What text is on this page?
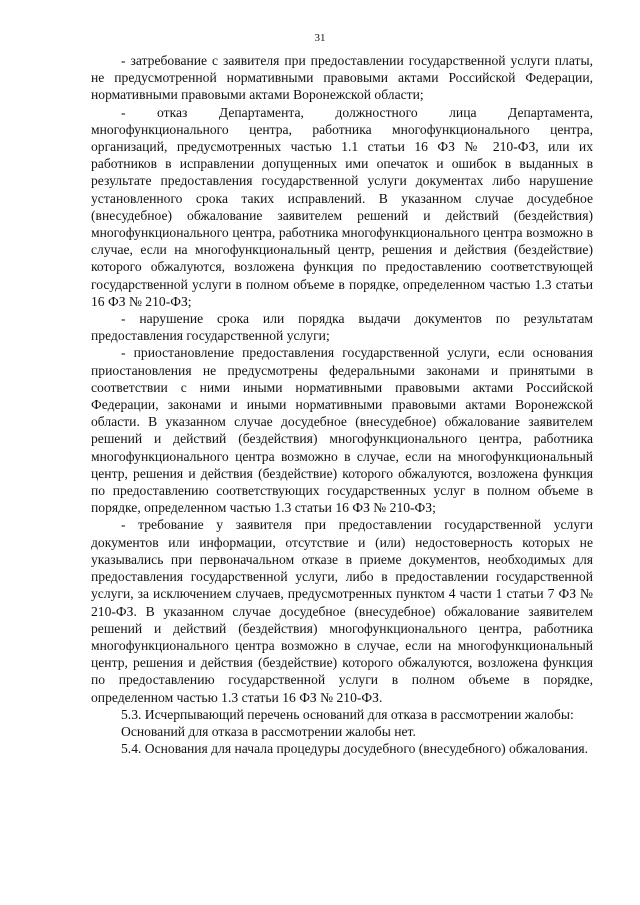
31

- затребование с заявителя при предоставлении государственной услуги платы, не предусмотренной нормативными правовыми актами Российской Федерации, нормативными правовыми актами Воронежской области;

- отказ Департамента, должностного лица Департамента, многофункционального центра, работника многофункционального центра, организаций, предусмотренных частью 1.1 статьи 16 ФЗ № 210-ФЗ, или их работников в исправлении допущенных ими опечаток и ошибок в выданных в результате предоставления государственной услуги документах либо нарушение установленного срока таких исправлений. В указанном случае досудебное (внесудебное) обжалование заявителем решений и действий (бездействия) многофункционального центра, работника многофункционального центра возможно в случае, если на многофункциональный центр, решения и действия (бездействие) которого обжалуются, возложена функция по предоставлению соответствующей государственной услуги в полном объеме в порядке, определенном частью 1.3 статьи 16 ФЗ № 210-ФЗ;

- нарушение срока или порядка выдачи документов по результатам предоставления государственной услуги;

- приостановление предоставления государственной услуги, если основания приостановления не предусмотрены федеральными законами и принятыми в соответствии с ними иными нормативными правовыми актами Российской Федерации, законами и иными нормативными правовыми актами Воронежской области. В указанном случае досудебное (внесудебное) обжалование заявителем решений и действий (бездействия) многофункционального центра, работника многофункционального центра возможно в случае, если на многофункциональный центр, решения и действия (бездействие) которого обжалуются, возложена функция по предоставлению соответствующих государственных услуг в полном объеме в порядке, определенном частью 1.3 статьи 16 ФЗ № 210-ФЗ;

- требование у заявителя при предоставлении государственной услуги документов или информации, отсутствие и (или) недостоверность которых не указывались при первоначальном отказе в приеме документов, необходимых для предоставления государственной услуги, либо в предоставлении государственной услуги, за исключением случаев, предусмотренных пунктом 4 части 1 статьи 7 ФЗ № 210-ФЗ. В указанном случае досудебное (внесудебное) обжалование заявителем решений и действий (бездействия) многофункционального центра, работника многофункционального центра возможно в случае, если на многофункциональный центр, решения и действия (бездействие) которого обжалуются, возложена функция по предоставлению государственной услуги в полном объеме в порядке, определенном частью 1.3 статьи 16 ФЗ № 210-ФЗ.

5.3. Исчерпывающий перечень оснований для отказа в рассмотрении жалобы:

Оснований для отказа в рассмотрении жалобы нет.

5.4. Основания для начала процедуры досудебного (внесудебного) обжалования.
